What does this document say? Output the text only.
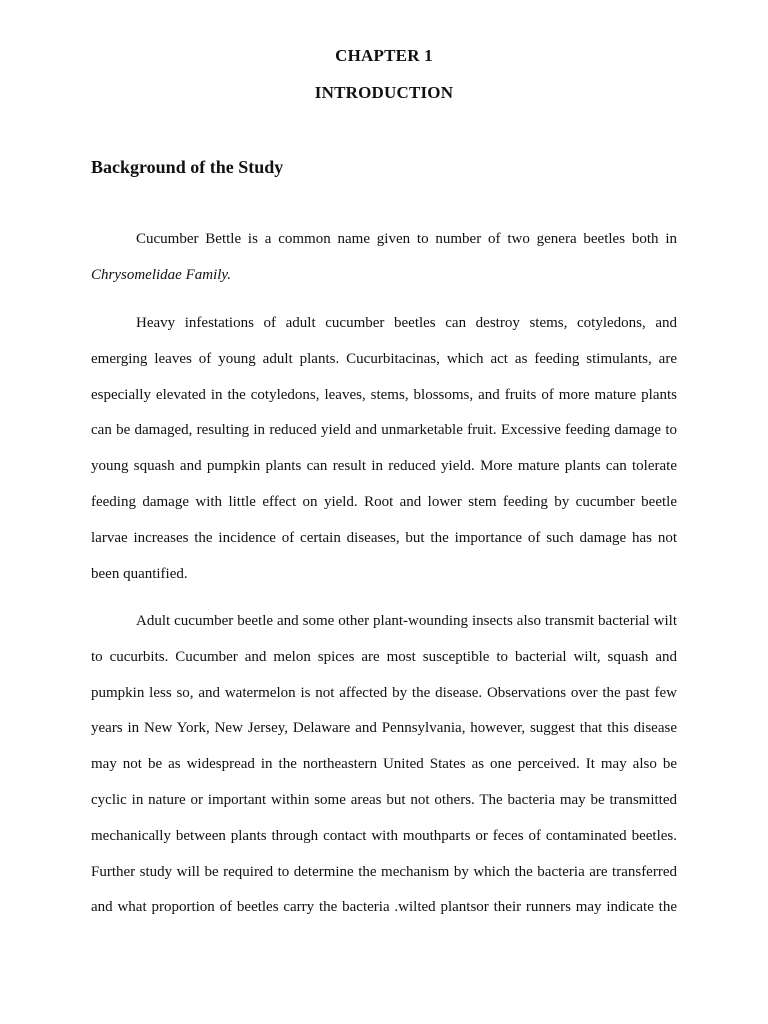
CHAPTER 1
INTRODUCTION
Background of the Study

Cucumber Bettle is a common name given to number of two genera beetles both in
Chrysomelidae Family.

Heavy infestations of adult cucumber beetles can destroy stems, cotyledons, and
emerging leaves of young adult plants. Cucurbitacinas, which act as feeding stimulants, are
especially elevated in the cotyledons, leaves, stems, blossoms, and fruits of more mature plants
can be damaged, resulting in reduced yield and unmarketable fruit. Excessive feeding damage to
young squash and pumpkin plants can result in reduced yield. More mature plants can tolerate
feeding damage with little effect on yield. Root and lower stem feeding by cucumber beetle
larvae increases the incidence of certain diseases, but the importance of such damage has not
been quantified.

Adult cucumber beetle and some other plant-wounding insects also transmit bacterial wilt
to cucurbits. Cucumber and melon spices are most susceptible to bacterial wilt, squash and
pumpkin less so, and watermelon is not affected by the disease. Observations over the past few
years in New York, New Jersey, Delaware and Pennsylvania, however, suggest that this disease
may not be as widespread in the northeastern United States as one perceived. It may also be
cyclic in nature or important within some areas but not others. The bacteria may be transmitted
mechanically between plants through contact with mouthparts or feces of contaminated beetles.
Further study will be required to determine the mechanism by which the bacteria are transferred
and what proportion of beetles carry the bacteria .wilted plantsor their runners may indicate the
